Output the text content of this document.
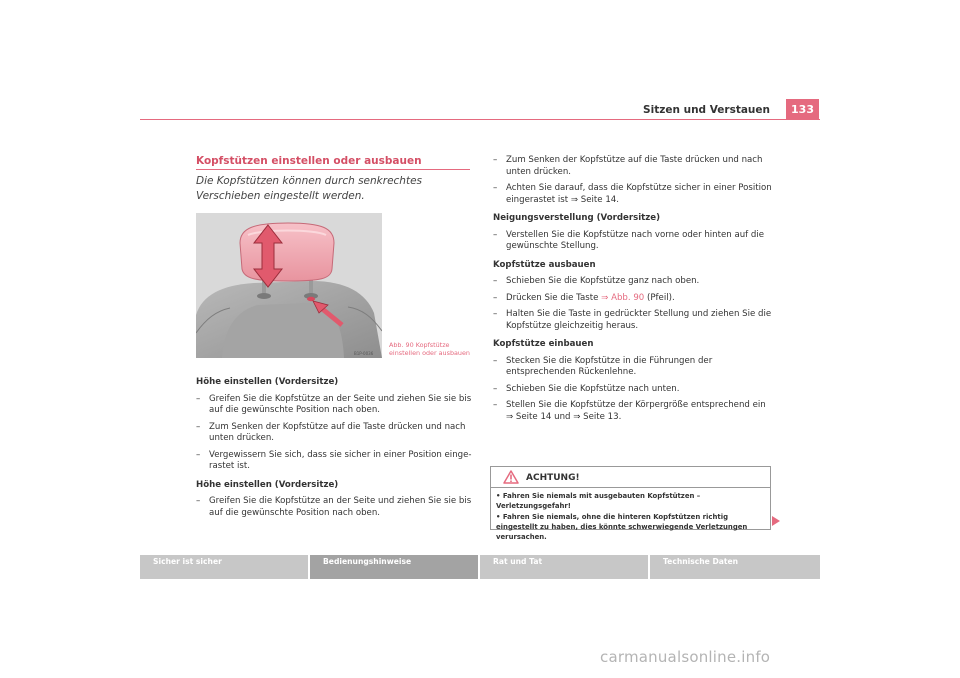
Sitzen und Verstauen	133
Kopfstützen einstellen oder ausbauen
Die Kopfstützen können durch senkrechtes Verschieben eingestellt werden.
B1P-0036
Abb. 90 Kopfstütze
einstellen oder ausbauen
Höhe einstellen (Vordersitze)
– Greifen Sie die Kopfstütze an der Seite und ziehen Sie sie bis auf die gewünschte Position nach oben.
– Zum Senken der Kopfstütze auf die Taste drücken und nach unten drücken.
– Vergewissern Sie sich, dass sie sicher in einer Position einge-rastet ist.
Höhe einstellen (Vordersitze)
– Greifen Sie die Kopfstütze an der Seite und ziehen Sie sie bis auf die gewünschte Position nach oben.
– Zum Senken der Kopfstütze auf die Taste drücken und nach unten drücken.
– Achten Sie darauf, dass die Kopfstütze sicher in einer Position eingerastet ist ⇒ Seite 14.
Neigungsverstellung (Vordersitze)
– Verstellen Sie die Kopfstütze nach vorne oder hinten auf die gewünschte Stellung.
Kopfstütze ausbauen
– Schieben Sie die Kopfstütze ganz nach oben.
– Drücken Sie die Taste ⇒ Abb. 90 (Pfeil).
– Halten Sie die Taste in gedrückter Stellung und ziehen Sie die Kopfstütze gleichzeitig heraus.
Kopfstütze einbauen
– Stecken Sie die Kopfstütze in die Führungen der entsprechenden Rückenlehne.
– Schieben Sie die Kopfstütze nach unten.
– Stellen Sie die Kopfstütze der Körpergröße entsprechend ein ⇒ Seite 14 und ⇒ Seite 13.
ACHTUNG!
• Fahren Sie niemals mit ausgebauten Kopfstützen – Verletzungsgefahr!
• Fahren Sie niemals, ohne die hinteren Kopfstützen richtig eingestellt zu haben, dies könnte schwerwiegende Verletzungen verursachen.
Sicher ist sicher	Bedienungshinweise	Rat und Tat	Technische Daten
carmanualsonline.info
